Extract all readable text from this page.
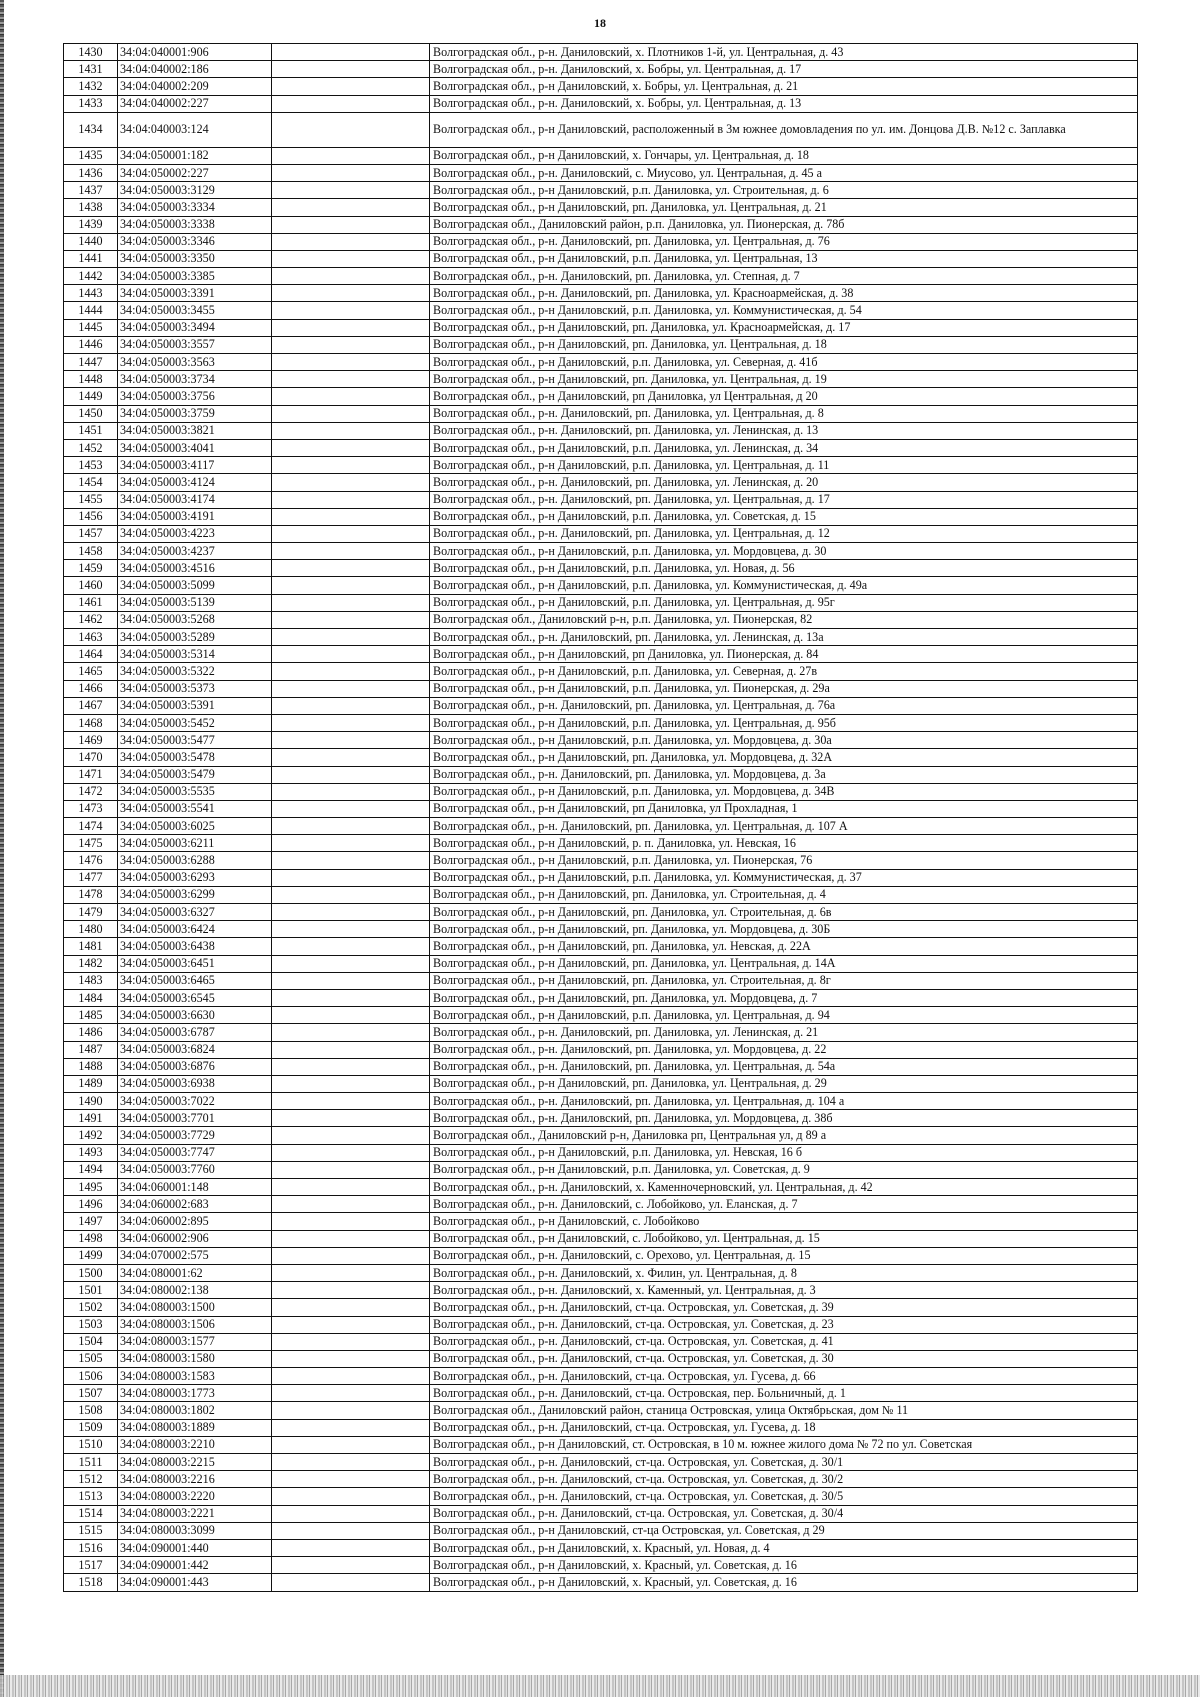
18
1430	34:04:040001:906		Волгоградская обл., р-н. Даниловский, х. Плотников 1-й, ул. Центральная, д. 43
1431	34:04:040002:186		Волгоградская обл., р-н. Даниловский, х. Бобры, ул. Центральная, д. 17
1432	34:04:040002:209		Волгоградская обл., р-н Даниловский, х. Бобры, ул. Центральная, д. 21
1433	34:04:040002:227		Волгоградская обл., р-н. Даниловский, х. Бобры, ул. Центральная, д. 13
1434	34:04:040003:124		Волгоградская обл., р-н Даниловский, расположенный в 3м южнее домовладения по ул. им. Донцова Д.В. №12 с. Заплавка
1435	34:04:050001:182		Волгоградская обл., р-н Даниловский, х. Гончары, ул. Центральная, д. 18
1436	34:04:050002:227		Волгоградская обл., р-н. Даниловский, с. Миусово, ул. Центральная, д. 45 а
1437	34:04:050003:3129		Волгоградская обл., р-н Даниловский, р.п. Даниловка, ул. Строительная, д. 6
1438	34:04:050003:3334		Волгоградская обл., р-н Даниловский, рп. Даниловка, ул. Центральная, д. 21
1439	34:04:050003:3338		Волгоградская обл., Даниловский район, р.п. Даниловка, ул. Пионерская, д. 78б
1440	34:04:050003:3346		Волгоградская обл., р-н. Даниловский, рп. Даниловка, ул. Центральная, д. 76
1441	34:04:050003:3350		Волгоградская обл., р-н Даниловский, р.п. Даниловка, ул. Центральная, 13
1442	34:04:050003:3385		Волгоградская обл., р-н. Даниловский, рп. Даниловка, ул. Степная, д. 7
1443	34:04:050003:3391		Волгоградская обл., р-н. Даниловский, рп. Даниловка, ул. Красноармейская, д. 38
1444	34:04:050003:3455		Волгоградская обл., р-н Даниловский, р.п. Даниловка, ул. Коммунистическая, д. 54
1445	34:04:050003:3494		Волгоградская обл., р-н Даниловский, рп. Даниловка, ул. Красноармейская, д. 17
1446	34:04:050003:3557		Волгоградская обл., р-н Даниловский, рп. Даниловка, ул. Центральная, д. 18
1447	34:04:050003:3563		Волгоградская обл., р-н Даниловский, р.п. Даниловка, ул. Северная, д. 41б
1448	34:04:050003:3734		Волгоградская обл., р-н Даниловский, рп. Даниловка, ул. Центральная, д. 19
1449	34:04:050003:3756		Волгоградская обл., р-н Даниловский, рп Даниловка, ул Центральная, д 20
1450	34:04:050003:3759		Волгоградская обл., р-н. Даниловский, рп. Даниловка, ул. Центральная, д. 8
1451	34:04:050003:3821		Волгоградская обл., р-н. Даниловский, рп. Даниловка, ул. Ленинская, д. 13
1452	34:04:050003:4041		Волгоградская обл., р-н Даниловский, р.п. Даниловка, ул. Ленинская, д. 34
1453	34:04:050003:4117		Волгоградская обл., р-н Даниловский, р.п. Даниловка, ул. Центральная, д. 11
1454	34:04:050003:4124		Волгоградская обл., р-н. Даниловский, рп. Даниловка, ул. Ленинская, д. 20
1455	34:04:050003:4174		Волгоградская обл., р-н. Даниловский, рп. Даниловка, ул. Центральная, д. 17
1456	34:04:050003:4191		Волгоградская обл., р-н Даниловский, р.п. Даниловка, ул. Советская, д. 15
1457	34:04:050003:4223		Волгоградская обл., р-н. Даниловский, рп. Даниловка, ул. Центральная, д. 12
1458	34:04:050003:4237		Волгоградская обл., р-н Даниловский, р.п. Даниловка, ул. Мордовцева, д. 30
1459	34:04:050003:4516		Волгоградская обл., р-н Даниловский, р.п. Даниловка, ул. Новая, д. 56
1460	34:04:050003:5099		Волгоградская обл., р-н Даниловский, р.п. Даниловка, ул. Коммунистическая, д. 49а
1461	34:04:050003:5139		Волгоградская обл., р-н Даниловский, р.п. Даниловка, ул. Центральная, д. 95г
1462	34:04:050003:5268		Волгоградская обл., Даниловский р-н, р.п. Даниловка, ул. Пионерская, 82
1463	34:04:050003:5289		Волгоградская обл., р-н. Даниловский, рп. Даниловка, ул. Ленинская, д. 13а
1464	34:04:050003:5314		Волгоградская обл., р-н Даниловский, рп Даниловка, ул. Пионерская, д. 84
1465	34:04:050003:5322		Волгоградская обл., р-н Даниловский, р.п. Даниловка, ул. Северная, д. 27в
1466	34:04:050003:5373		Волгоградская обл., р-н Даниловский, р.п. Даниловка, ул. Пионерская, д. 29а
1467	34:04:050003:5391		Волгоградская обл., р-н. Даниловский, рп. Даниловка, ул. Центральная, д. 76а
1468	34:04:050003:5452		Волгоградская обл., р-н Даниловский, р.п. Даниловка, ул. Центральная, д. 95б
1469	34:04:050003:5477		Волгоградская обл., р-н Даниловский, р.п. Даниловка, ул. Мордовцева, д. 30а
1470	34:04:050003:5478		Волгоградская обл., р-н Даниловский, рп. Даниловка, ул. Мордовцева, д. 32А
1471	34:04:050003:5479		Волгоградская обл., р-н. Даниловский, рп. Даниловка, ул. Мордовцева, д. 3а
1472	34:04:050003:5535		Волгоградская обл., р-н Даниловский, р.п. Даниловка, ул. Мордовцева, д. 34В
1473	34:04:050003:5541		Волгоградская обл., р-н Даниловский, рп Даниловка, ул Прохладная, 1
1474	34:04:050003:6025		Волгоградская обл., р-н. Даниловский, рп. Даниловка, ул. Центральная, д. 107 А
1475	34:04:050003:6211		Волгоградская обл., р-н Даниловский, р. п. Даниловка, ул. Невская, 16
1476	34:04:050003:6288		Волгоградская обл., р-н Даниловский, р.п. Даниловка, ул. Пионерская, 76
1477	34:04:050003:6293		Волгоградская обл., р-н Даниловский, р.п. Даниловка, ул. Коммунистическая, д. 37
1478	34:04:050003:6299		Волгоградская обл., р-н Даниловский, рп. Даниловка, ул. Строительная, д. 4
1479	34:04:050003:6327		Волгоградская обл., р-н Даниловский, рп. Даниловка, ул. Строительная, д. 6в
1480	34:04:050003:6424		Волгоградская обл., р-н Даниловский, рп. Даниловка, ул. Мордовцева, д. 30Б
1481	34:04:050003:6438		Волгоградская обл., р-н Даниловский, рп. Даниловка, ул. Невская, д. 22А
1482	34:04:050003:6451		Волгоградская обл., р-н Даниловский, рп. Даниловка, ул. Центральная, д. 14А
1483	34:04:050003:6465		Волгоградская обл., р-н Даниловский, рп. Даниловка, ул. Строительная, д. 8г
1484	34:04:050003:6545		Волгоградская обл., р-н Даниловский, рп. Даниловка, ул. Мордовцева, д. 7
1485	34:04:050003:6630		Волгоградская обл., р-н Даниловский, р.п. Даниловка, ул. Центральная, д. 94
1486	34:04:050003:6787		Волгоградская обл., р-н. Даниловский, рп. Даниловка, ул. Ленинская, д. 21
1487	34:04:050003:6824		Волгоградская обл., р-н. Даниловский, рп. Даниловка, ул. Мордовцева, д. 22
1488	34:04:050003:6876		Волгоградская обл., р-н. Даниловский, рп. Даниловка, ул. Центральная, д. 54а
1489	34:04:050003:6938		Волгоградская обл., р-н Даниловский, рп. Даниловка, ул. Центральная, д. 29
1490	34:04:050003:7022		Волгоградская обл., р-н. Даниловский, рп. Даниловка, ул. Центральная, д. 104 а
1491	34:04:050003:7701		Волгоградская обл., р-н. Даниловский, рп. Даниловка, ул. Мордовцева, д. 38б
1492	34:04:050003:7729		Волгоградская обл., Даниловский р-н, Даниловка рп, Центральная ул, д 89 а
1493	34:04:050003:7747		Волгоградская обл., р-н Даниловский, р.п. Даниловка, ул. Невская, 16 б
1494	34:04:050003:7760		Волгоградская обл., р-н Даниловский, р.п. Даниловка, ул. Советская, д. 9
1495	34:04:060001:148		Волгоградская обл., р-н. Даниловский, х. Каменночерновский, ул. Центральная, д. 42
1496	34:04:060002:683		Волгоградская обл., р-н. Даниловский, с. Лобойково, ул. Еланская, д. 7
1497	34:04:060002:895		Волгоградская обл., р-н Даниловский, с. Лобойково
1498	34:04:060002:906		Волгоградская обл., р-н Даниловский, с. Лобойково, ул. Центральная, д. 15
1499	34:04:070002:575		Волгоградская обл., р-н. Даниловский, с. Орехово, ул. Центральная, д. 15
1500	34:04:080001:62		Волгоградская обл., р-н. Даниловский, х. Филин, ул. Центральная, д. 8
1501	34:04:080002:138		Волгоградская обл., р-н. Даниловский, х. Каменный, ул. Центральная, д. 3
1502	34:04:080003:1500		Волгоградская обл., р-н. Даниловский, ст-ца. Островская, ул. Советская, д. 39
1503	34:04:080003:1506		Волгоградская обл., р-н. Даниловский, ст-ца. Островская, ул. Советская, д. 23
1504	34:04:080003:1577		Волгоградская обл., р-н. Даниловский, ст-ца. Островская, ул. Советская, д. 41
1505	34:04:080003:1580		Волгоградская обл., р-н. Даниловский, ст-ца. Островская, ул. Советская, д. 30
1506	34:04:080003:1583		Волгоградская обл., р-н. Даниловский, ст-ца. Островская, ул. Гусева, д. 66
1507	34:04:080003:1773		Волгоградская обл., р-н. Даниловский, ст-ца. Островская, пер. Больничный, д. 1
1508	34:04:080003:1802		Волгоградская обл., Даниловский район, станица Островская, улица Октябрьская, дом № 11
1509	34:04:080003:1889		Волгоградская обл., р-н. Даниловский, ст-ца. Островская, ул. Гусева, д. 18
1510	34:04:080003:2210		Волгоградская обл., р-н Даниловский, ст. Островская, в 10 м. южнее жилого дома № 72 по ул. Советская
1511	34:04:080003:2215		Волгоградская обл., р-н. Даниловский, ст-ца. Островская, ул. Советская, д. 30/1
1512	34:04:080003:2216		Волгоградская обл., р-н. Даниловский, ст-ца. Островская, ул. Советская, д. 30/2
1513	34:04:080003:2220		Волгоградская обл., р-н. Даниловский, ст-ца. Островская, ул. Советская, д. 30/5
1514	34:04:080003:2221		Волгоградская обл., р-н. Даниловский, ст-ца. Островская, ул. Советская, д. 30/4
1515	34:04:080003:3099		Волгоградская обл., р-н Даниловский, ст-ца Островская, ул. Советская, д 29
1516	34:04:090001:440		Волгоградская обл., р-н Даниловский, х. Красный, ул. Новая, д. 4
1517	34:04:090001:442		Волгоградская обл., р-н Даниловский, х. Красный, ул. Советская, д. 16
1518	34:04:090001:443		Волгоградская обл., р-н Даниловский, х. Красный, ул. Советская, д. 16
